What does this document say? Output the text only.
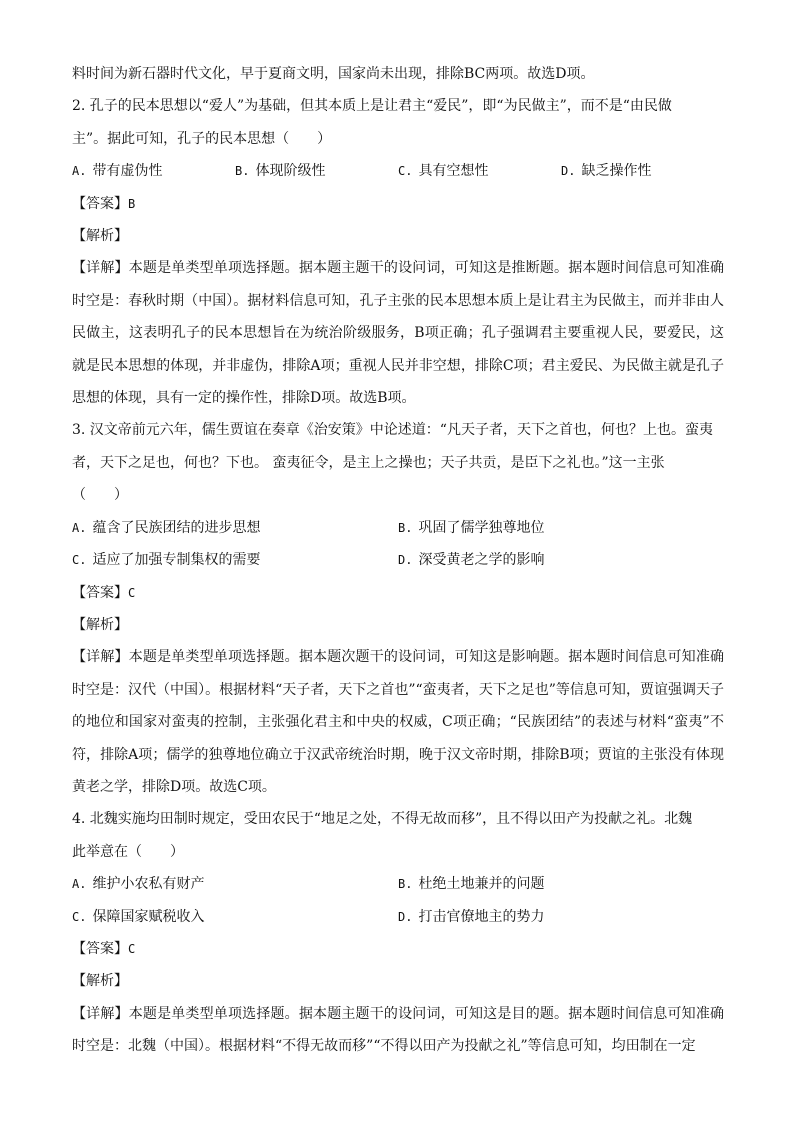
料时间为新石器时代文化，早于夏商文明，国家尚未出现，排除BC两项。故选D项。

2. 孔子的民本思想以“爱人”为基础，但其本质上是让君主“爱民”，即“为民做主”，而不是“由民做
主”。据此可知，孔子的民本思想（　　）
A. 带有虚伪性	B. 体现阶级性	C. 具有空想性	D. 缺乏操作性
【答案】B
【解析】

【详解】本题是单类型单项选择题。据本题主题干的设问词，可知这是推断题。据本题时间信息可知准确时空是：春秋时期（中国）。据材料信息可知，孔子主张的民本思想本质上是让君主为民做主，而并非由人民做主，这表明孔子的民本思想旨在为统治阶级服务，B项正确；孔子强调君主要重视人民，要爱民，这就是民本思想的体现，并非虚伪，排除A项；重视人民并非空想，排除C项；君主爱民、为民做主就是孔子思想的体现，具有一定的操作性，排除D项。故选B项。

3. 汉文帝前元六年，儒生贾谊在奏章《治安策》中论述道：“凡天子者，天下之首也，何也？上也。蛮夷
者，天下之足也，何也？下也。 蛮夷征令，是主上之操也；天子共贡，是臣下之礼也。”这一主张
（　　）
A. 蕴含了民族团结的进步思想	B. 巩固了儒学独尊地位
C. 适应了加强专制集权的需要	D. 深受黄老之学的影响
【答案】C
【解析】

【详解】本题是单类型单项选择题。据本题次题干的设问词，可知这是影响题。据本题时间信息可知准确时空是：汉代（中国）。根据材料“天子者，天下之首也”“蛮夷者，天下之足也”等信息可知，贾谊强调天子的地位和国家对蛮夷的控制，主张强化君主和中央的权威，C项正确；“民族团结”的表述与材料“蛮夷”不符，排除A项；儒学的独尊地位确立于汉武帝统治时期，晚于汉文帝时期，排除B项；贾谊的主张没有体现黄老之学，排除D项。故选C项。

4. 北魏实施均田制时规定，受田农民于“地足之处，不得无故而移”，且不得以田产为投献之礼。北魏
此举意在（　　）
A. 维护小农私有财产	B. 杜绝土地兼并的问题
C. 保障国家赋税收入	D. 打击官僚地主的势力
【答案】C
【解析】

【详解】本题是单类型单项选择题。据本题主题干的设问词，可知这是目的题。据本题时间信息可知准确时空是：北魏（中国）。根据材料“不得无故而移”“不得以田产为投献之礼”等信息可知，均田制在一定
